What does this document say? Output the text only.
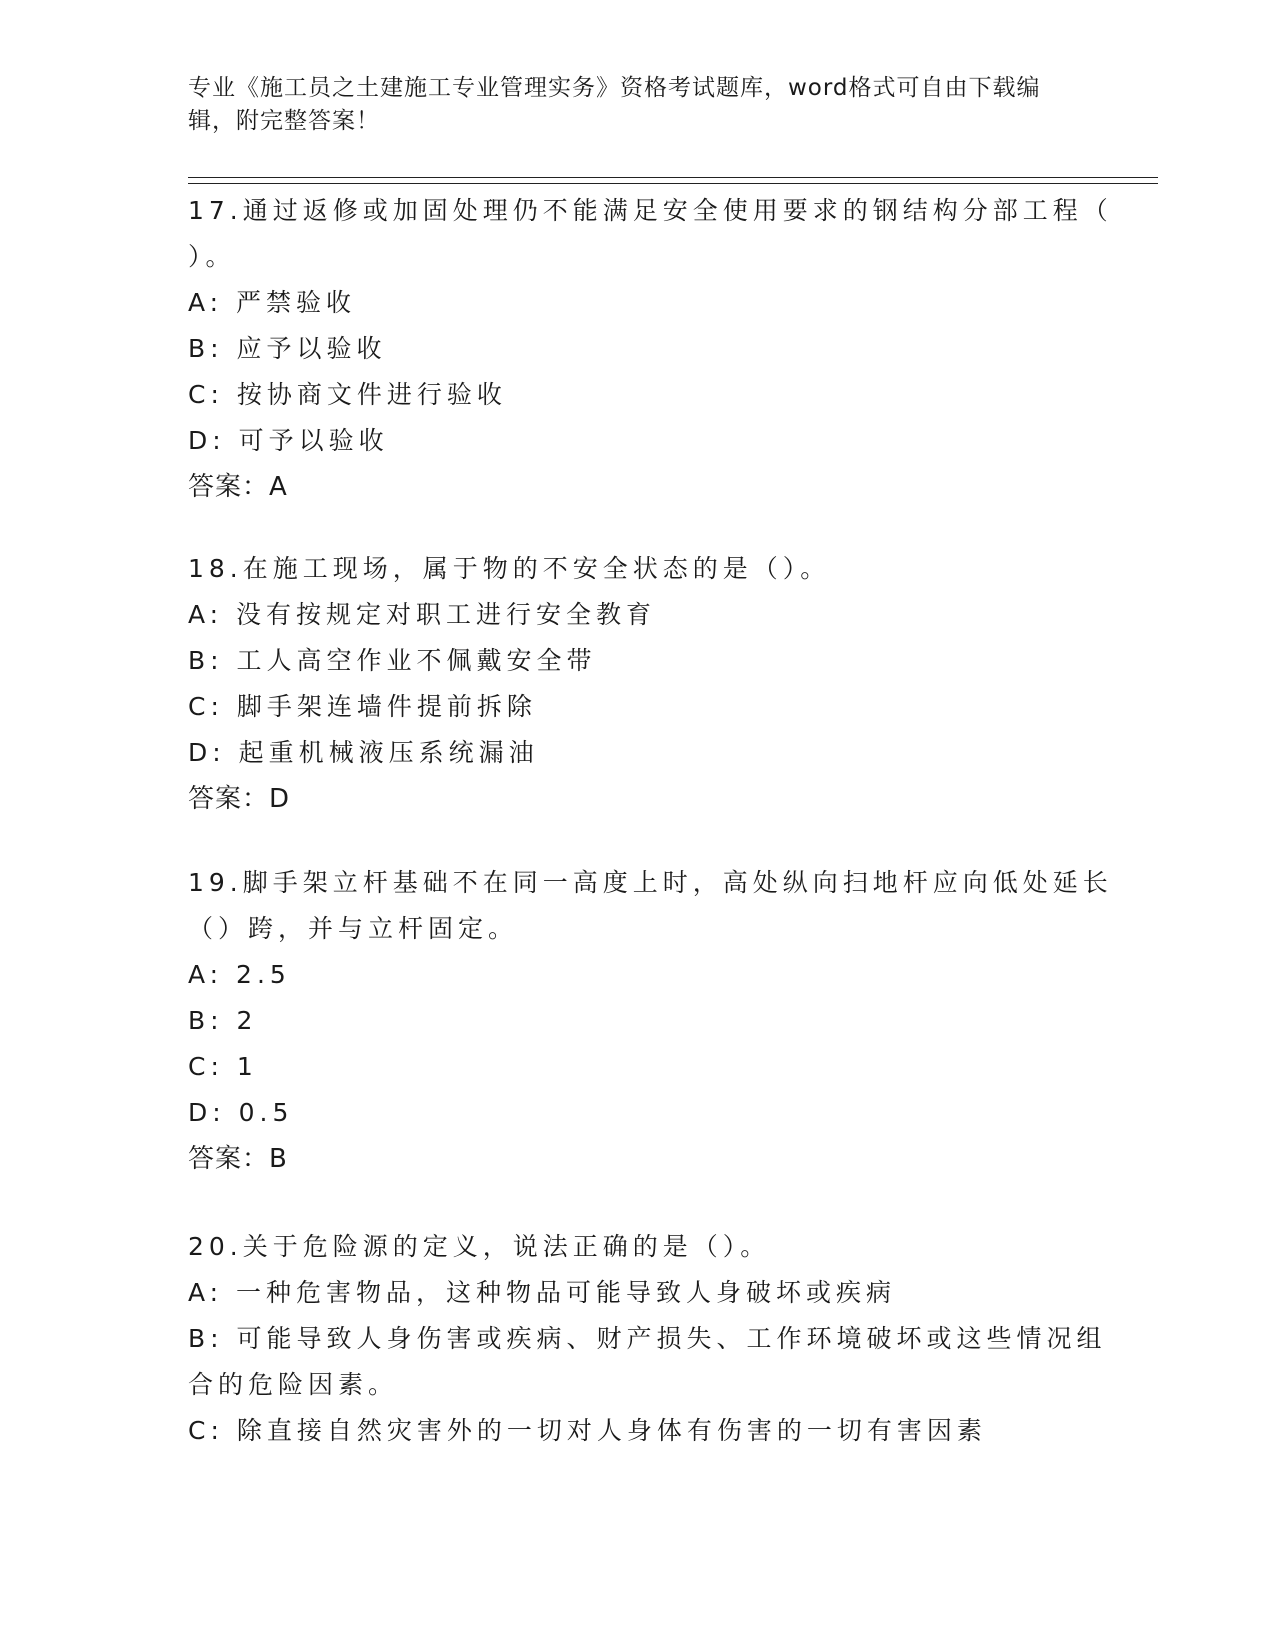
专业《施工员之土建施工专业管理实务》资格考试题库，word格式可自由下载编
辑，附完整答案！
17.通过返修或加固处理仍不能满足安全使用要求的钢结构分部工程（
）。
A: 严禁验收
B: 应予以验收
C: 按协商文件进行验收
D: 可予以验收
答案：A
18.在施工现场，属于物的不安全状态的是（）。
A: 没有按规定对职工进行安全教育
B: 工人高空作业不佩戴安全带
C: 脚手架连墙件提前拆除
D: 起重机械液压系统漏油
答案：D
19.脚手架立杆基础不在同一高度上时，高处纵向扫地杆应向低处延长
（）跨，并与立杆固定。
A: 2.5
B: 2
C: 1
D: 0.5
答案：B
20.关于危险源的定义，说法正确的是（）。
A: 一种危害物品，这种物品可能导致人身破坏或疾病
B: 可能导致人身伤害或疾病、财产损失、工作环境破坏或这些情况组
合的危险因素。
C: 除直接自然灾害外的一切对人身体有伤害的一切有害因素
